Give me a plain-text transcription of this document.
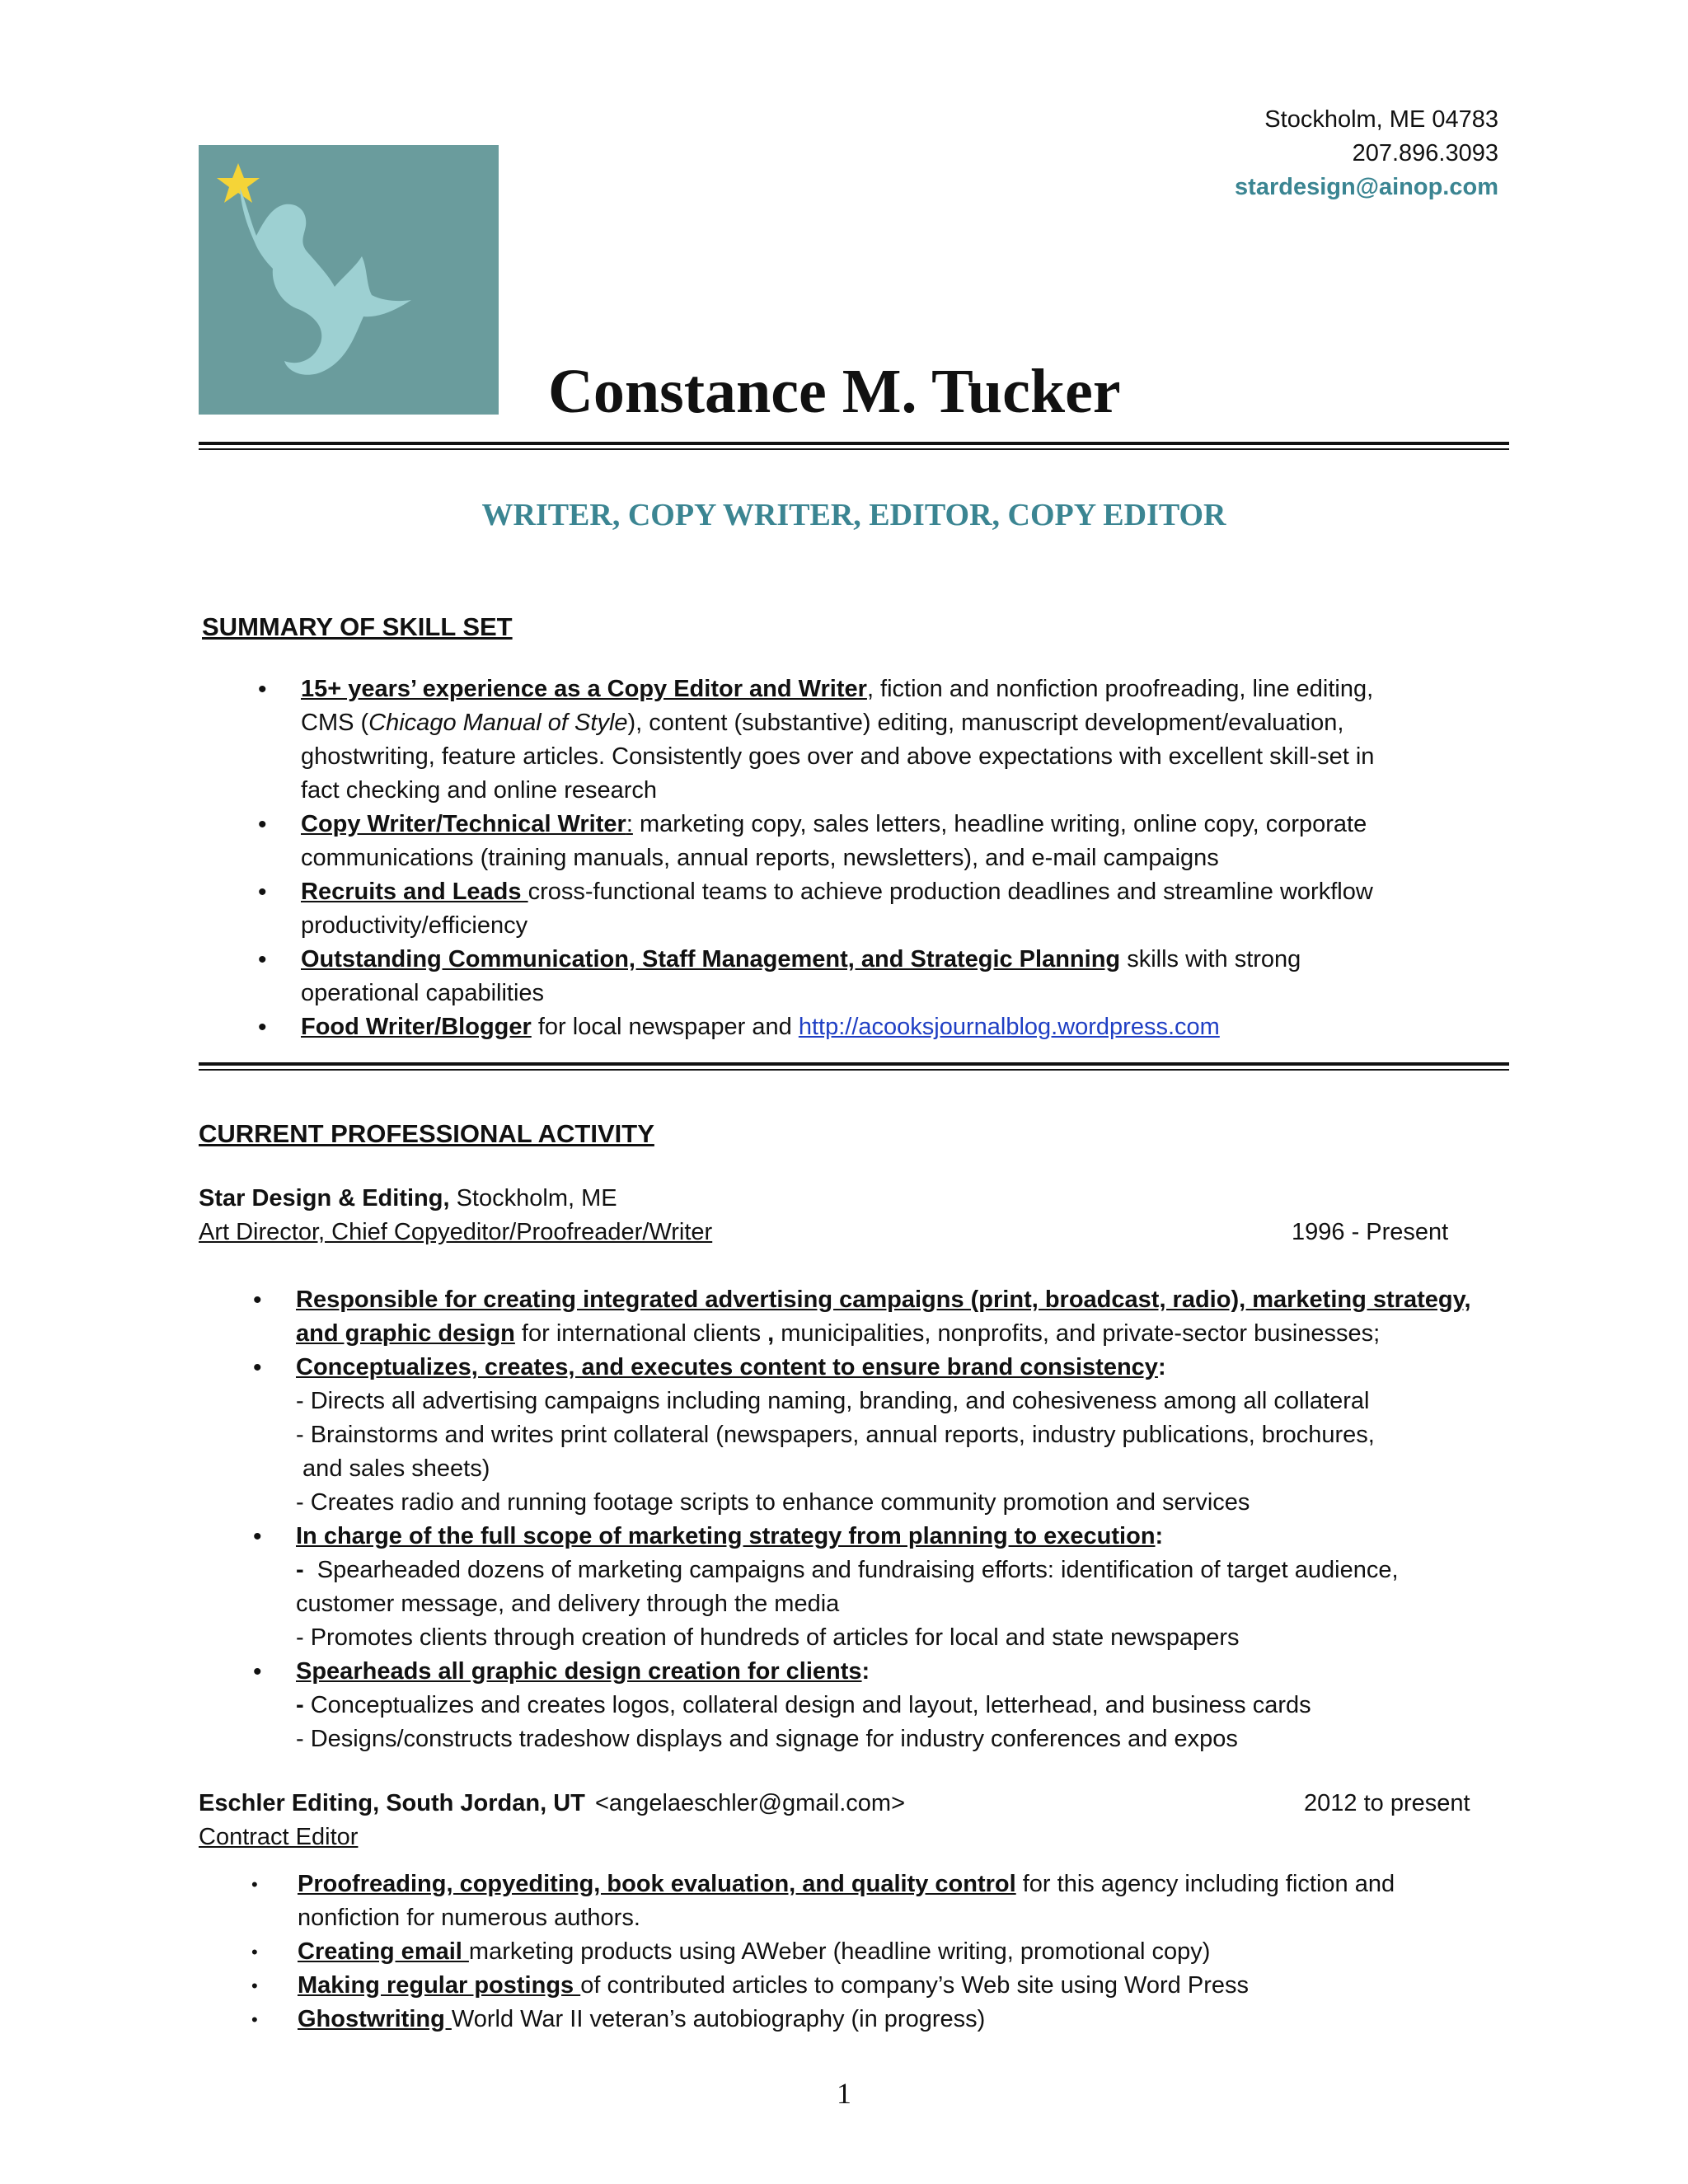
Stockholm, ME 04783
207.896.3093
stardesign@ainop.com
Constance M. Tucker
WRITER, COPY WRITER, EDITOR, COPY EDITOR
SUMMARY OF SKILL SET
• 15+ years’ experience as a Copy Editor and Writer, fiction and nonfiction proofreading, line editing,
CMS (Chicago Manual of Style), content (substantive) editing, manuscript development/evaluation,
ghostwriting, feature articles. Consistently goes over and above expectations with excellent skill-set in
fact checking and online research
• Copy Writer/Technical Writer: marketing copy, sales letters, headline writing, online copy, corporate
communications (training manuals, annual reports, newsletters), and e-mail campaigns
• Recruits and Leads cross-functional teams to achieve production deadlines and streamline workflow
productivity/efficiency
• Outstanding Communication, Staff Management, and Strategic Planning skills with strong
operational capabilities
• Food Writer/Blogger for local newspaper and http://acooksjournalblog.wordpress.com
CURRENT PROFESSIONAL ACTIVITY
Star Design & Editing, Stockholm, ME
Art Director, Chief Copyeditor/Proofreader/Writer	1996 - Present
• Responsible for creating integrated advertising campaigns (print, broadcast, radio), marketing strategy,
and graphic design for international clients , municipalities, nonprofits, and private-sector businesses;
• Conceptualizes, creates, and executes content to ensure brand consistency:
- Directs all advertising campaigns including naming, branding, and cohesiveness among all collateral
- Brainstorms and writes print collateral (newspapers, annual reports, industry publications, brochures,
and sales sheets)
- Creates radio and running footage scripts to enhance community promotion and services
• In charge of the full scope of marketing strategy from planning to execution:
-  Spearheaded dozens of marketing campaigns and fundraising efforts: identification of target audience,
customer message, and delivery through the media
- Promotes clients through creation of hundreds of articles for local and state newspapers
• Spearheads all graphic design creation for clients:
- Conceptualizes and creates logos, collateral design and layout, letterhead, and business cards
- Designs/constructs tradeshow displays and signage for industry conferences and expos
Eschler Editing, South Jordan, UT <angelaeschler@gmail.com>	2012 to present
Contract Editor
• Proofreading, copyediting, book evaluation, and quality control for this agency including fiction and
nonfiction for numerous authors.
• Creating email marketing products using AWeber (headline writing, promotional copy)
• Making regular postings of contributed articles to company’s Web site using Word Press
• Ghostwriting World War II veteran’s autobiography (in progress)
1
